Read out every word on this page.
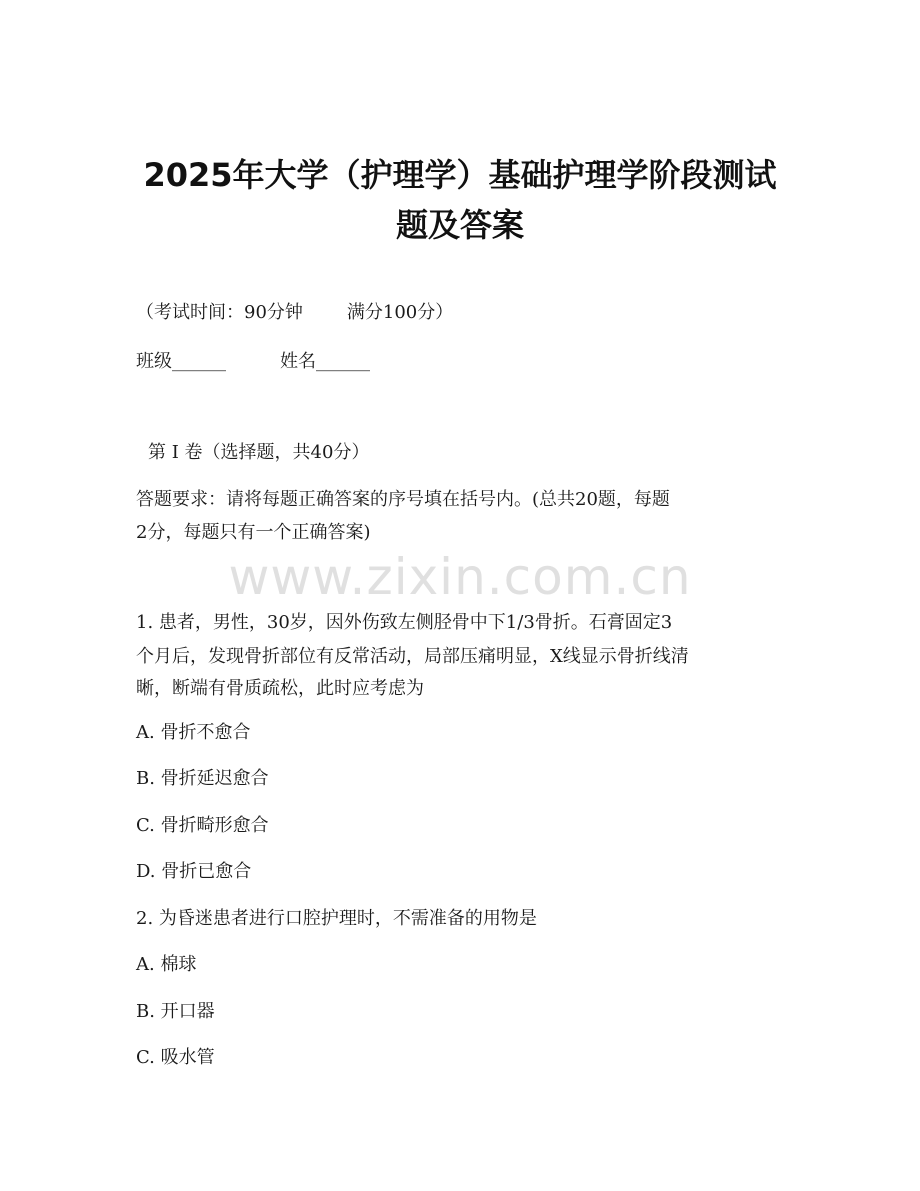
www.zixin.com.cn
2025年大学（护理学）基础护理学阶段测试
题及答案
（考试时间：90分钟 满分100分）
班级______	姓名______
第 I 卷（选择题，共40分）
答题要求：请将每题正确答案的序号填在括号内。(总共20题，每题
2分，每题只有一个正确答案)
1. 患者，男性，30岁，因外伤致左侧胫骨中下1/3骨折。石膏固定3
个月后，发现骨折部位有反常活动，局部压痛明显，X线显示骨折线清
晰，断端有骨质疏松，此时应考虑为
A. 骨折不愈合
B. 骨折延迟愈合
C. 骨折畸形愈合
D. 骨折已愈合
2. 为昏迷患者进行口腔护理时，不需准备的用物是
A. 棉球
B. 开口器
C. 吸水管
